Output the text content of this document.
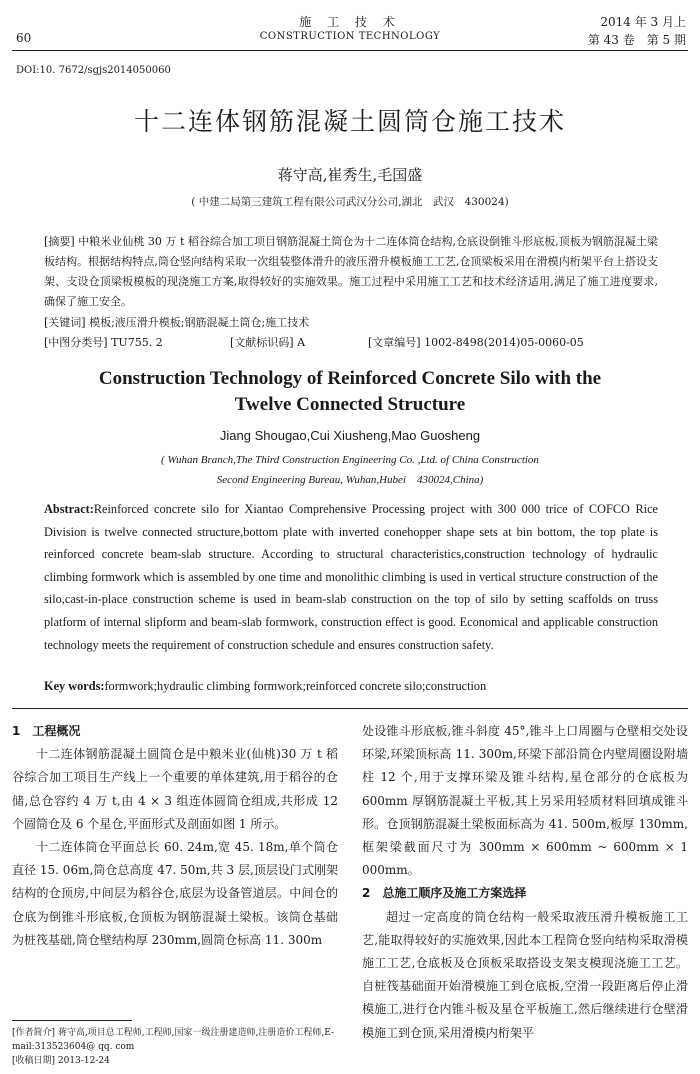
60
施 工 技 术
CONSTRUCTION TECHNOLOGY
2014 年 3 月上
第 43 卷　第 5 期
DOI:10. 7672/sgjs2014050060
十二连体钢筋混凝土圆筒仓施工技术
蒋守高,崔秀生,毛国盛
( 中建二局第三建筑工程有限公司武汉分公司,湖北　武汉　430024)
[摘要] 中粮米业仙桃 30 万 t 稻谷综合加工项目钢筋混凝土筒仓为十二连体筒仓结构,仓底设倒锥斗形底板,顶板为钢筋混凝土梁板结构。根据结构特点,筒仓竖向结构采取一次组装整体滑升的液压滑升模板施工工艺,仓顶梁板采用在滑模内桁架平台上搭设支架、支设仓顶梁板模板的现浇施工方案,取得较好的实施效果。施工过程中采用施工工艺和技术经济适用,满足了施工进度要求,确保了施工安全。
[关键词] 模板;液压滑升模板;钢筋混凝土筒仓;施工技术
[中图分类号] TU755. 2	[文献标识码] A	[文章编号] 1002-8498(2014)05-0060-05
Construction Technology of Reinforced Concrete Silo with the
Twelve Connected Structure
Jiang Shougao,Cui Xiusheng,Mao Guosheng
( Wuhan Branch,The Third Construction Engineering Co. ,Ltd. of China Construction
Second Engineering Bureau, Wuhan,Hubei　430024,China)
Abstract:Reinforced concrete silo for Xiantao Comprehensive Processing project with 300 000 trice of COFCO Rice Division is twelve connected structure,bottom plate with inverted conehopper shape sets at bin bottom, the top plate is reinforced concrete beam-slab structure. According to structural characteristics,construction technology of hydraulic climbing formwork which is assembled by one time and monolithic climbing is used in vertical structure construction of the silo,cast-in-place construction scheme is used in beam-slab construction on the top of silo by setting scaffolds on truss platform of internal slipform and beam-slab formwork, construction effect is good. Economical and applicable construction technology meets the requirement of construction schedule and ensures construction safety.
Key words:formwork;hydraulic climbing formwork;reinforced concrete silo;construction

1　工程概况

十二连体钢筋混凝土圆筒仓是中粮米业(仙桃)30 万 t 稻谷综合加工项目生产线上一个重要的单体建筑,用于稻谷的仓储,总仓容约 4 万 t,由 4 × 3 组连体圆筒仓组成,共形成 12 个圆筒仓及 6 个星仓,平面形式及剖面如图 1 所示。

十二连体筒仓平面总长 60. 24m,宽 45. 18m,单个筒仓直径 15. 06m,筒仓总高度 47. 50m,共 3 层,顶层设门式刚架结构的仓顶房,中间层为稻谷仓,底层为设备管道层。中间仓的仓底为倒锥斗形底板,仓顶板为钢筋混凝土梁板。该筒仓基础为桩筏基础,筒仓壁结构厚 230mm,圆筒仓标高 11. 300m

处设锥斗形底板,锥斗斜度 45°,锥斗上口周圈与仓壁相交处设环梁,环梁顶标高 11. 300m,环梁下部沿筒仓内壁周圈设附墙柱 12 个,用于支撑环梁及锥斗结构,星仓部分的仓底板为 600mm 厚钢筋混凝土平板,其上另采用轻质材料回填成锥斗形。仓顶钢筋混凝土梁板面标高为 41. 500m,板厚 130mm,框架梁截面尺寸为 300mm × 600mm ~ 600mm × 1 000mm。

2　总施工顺序及施工方案选择

超过一定高度的筒仓结构一般采取液压滑升模板施工工艺,能取得较好的实施效果,因此本工程筒仓竖向结构采取滑模施工工艺,仓底板及仓顶板采取搭设支架支模现浇施工工艺。自桩筏基础面开始滑模施工到仓底板,空滑一段距离后停止滑模施工,进行仓内锥斗板及星仓平板施工,然后继续进行仓壁滑模施工到仓顶,采用滑模内桁架平

[作者简介] 蒋守高,项目总工程师,工程师,国家一级注册建造师,注册造价工程师,E-mail:313523604@ qq. com
[收稿日期] 2013-12-24
